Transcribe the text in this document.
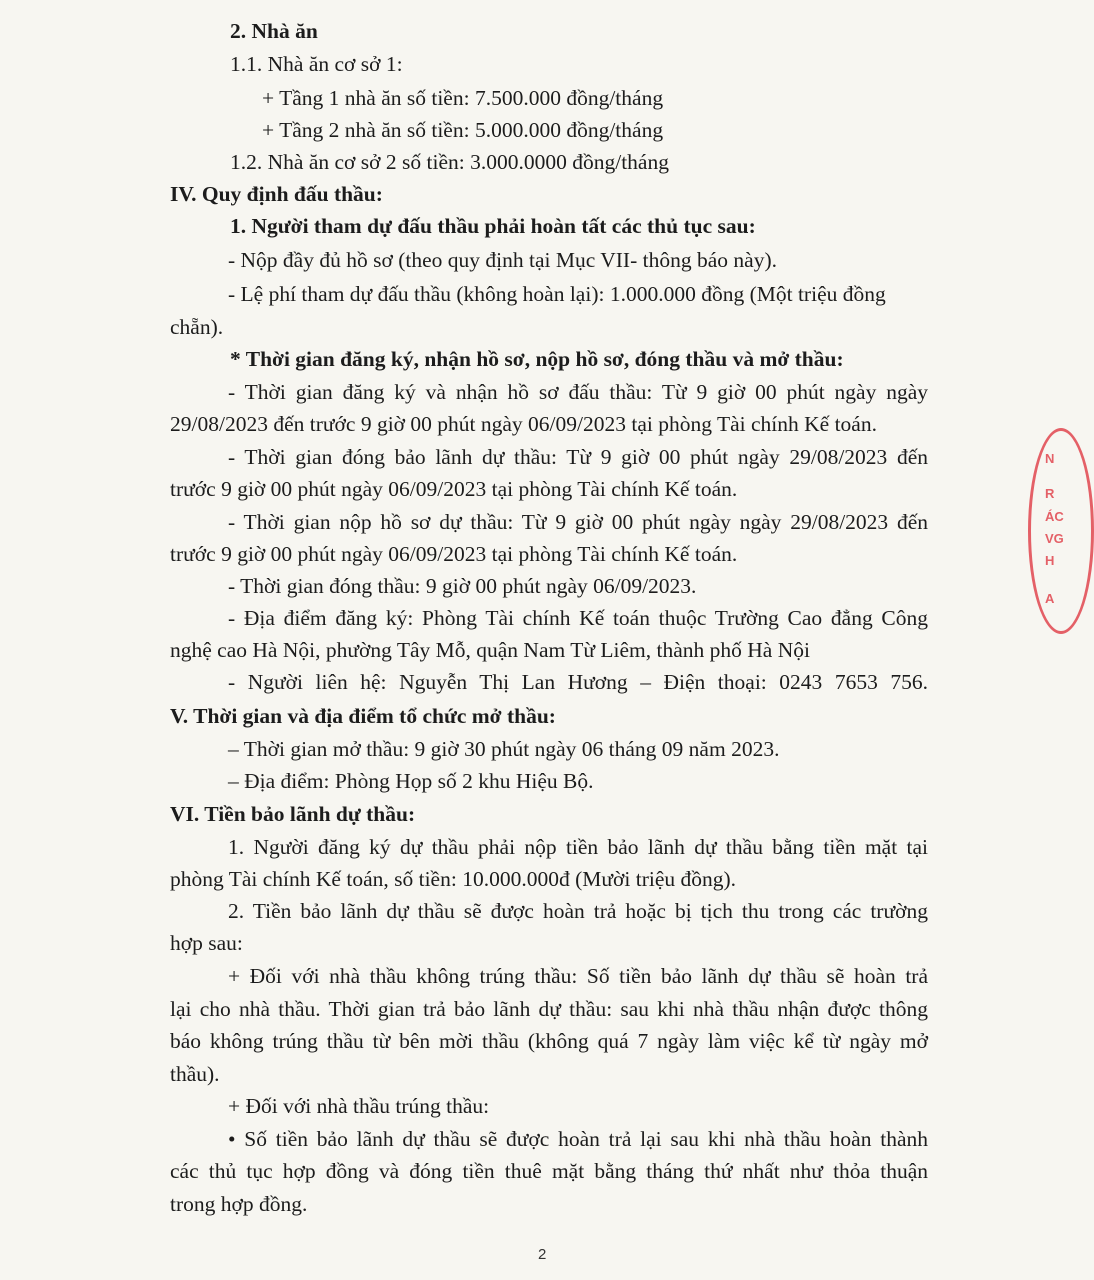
2. Nhà ăn
1.1. Nhà ăn cơ sở 1:
+ Tầng 1 nhà ăn số tiền: 7.500.000 đồng/tháng
+ Tầng 2 nhà ăn số tiền: 5.000.000 đồng/tháng
1.2. Nhà ăn cơ sở 2 số tiền: 3.000.0000 đồng/tháng
IV. Quy định đấu thầu:
1. Người tham dự đấu thầu phải hoàn tất các thủ tục sau:
- Nộp đầy đủ hồ sơ (theo quy định tại Mục VII- thông báo này).
- Lệ phí tham dự đấu thầu (không hoàn lại): 1.000.000 đồng (Một triệu đồng
chẵn).
* Thời gian đăng ký, nhận hồ sơ, nộp hồ sơ, đóng thầu và mở thầu:
- Thời gian đăng ký và nhận hồ sơ đấu thầu: Từ 9 giờ 00 phút ngày ngày
29/08/2023 đến trước 9 giờ 00 phút ngày 06/09/2023 tại phòng Tài chính Kế toán.
- Thời gian đóng bảo lãnh dự thầu: Từ 9 giờ 00 phút ngày 29/08/2023 đến
trước 9 giờ 00 phút ngày 06/09/2023 tại phòng Tài chính Kế toán.
- Thời gian nộp hồ sơ dự thầu: Từ 9 giờ 00 phút ngày ngày 29/08/2023 đến
trước 9 giờ 00 phút ngày 06/09/2023 tại phòng Tài chính Kế toán.
- Thời gian đóng thầu: 9 giờ 00 phút ngày 06/09/2023.
- Địa điểm đăng ký: Phòng Tài chính Kế toán thuộc Trường Cao đẳng Công
nghệ cao Hà Nội, phường Tây Mỗ, quận Nam Từ Liêm, thành phố Hà Nội
- Người liên hệ: Nguyễn Thị Lan Hương – Điện thoại: 0243 7653 756.
V. Thời gian và địa điểm tổ chức mở thầu:
– Thời gian mở thầu: 9 giờ 30 phút ngày 06 tháng 09 năm 2023.
– Địa điểm: Phòng Họp số 2 khu Hiệu Bộ.
VI. Tiền bảo lãnh dự thầu:
1. Người đăng ký dự thầu phải nộp tiền bảo lãnh dự thầu bằng tiền mặt tại
phòng Tài chính Kế toán, số tiền: 10.000.000đ (Mười triệu đồng).
2. Tiền bảo lãnh dự thầu sẽ được hoàn trả hoặc bị tịch thu trong các trường
hợp sau:
+ Đối với nhà thầu không trúng thầu: Số tiền bảo lãnh dự thầu sẽ hoàn trả
lại cho nhà thầu. Thời gian trả bảo lãnh dự thầu: sau khi nhà thầu nhận được thông
báo không trúng thầu từ bên mời thầu (không quá 7 ngày làm việc kể từ ngày mở
thầu).
+ Đối với nhà thầu trúng thầu:
• Số tiền bảo lãnh dự thầu sẽ được hoàn trả lại sau khi nhà thầu hoàn thành
các thủ tục hợp đồng và đóng tiền thuê mặt bằng tháng thứ nhất như thỏa thuận
trong hợp đồng.
2
N
R
ÁC
VG
H
A
